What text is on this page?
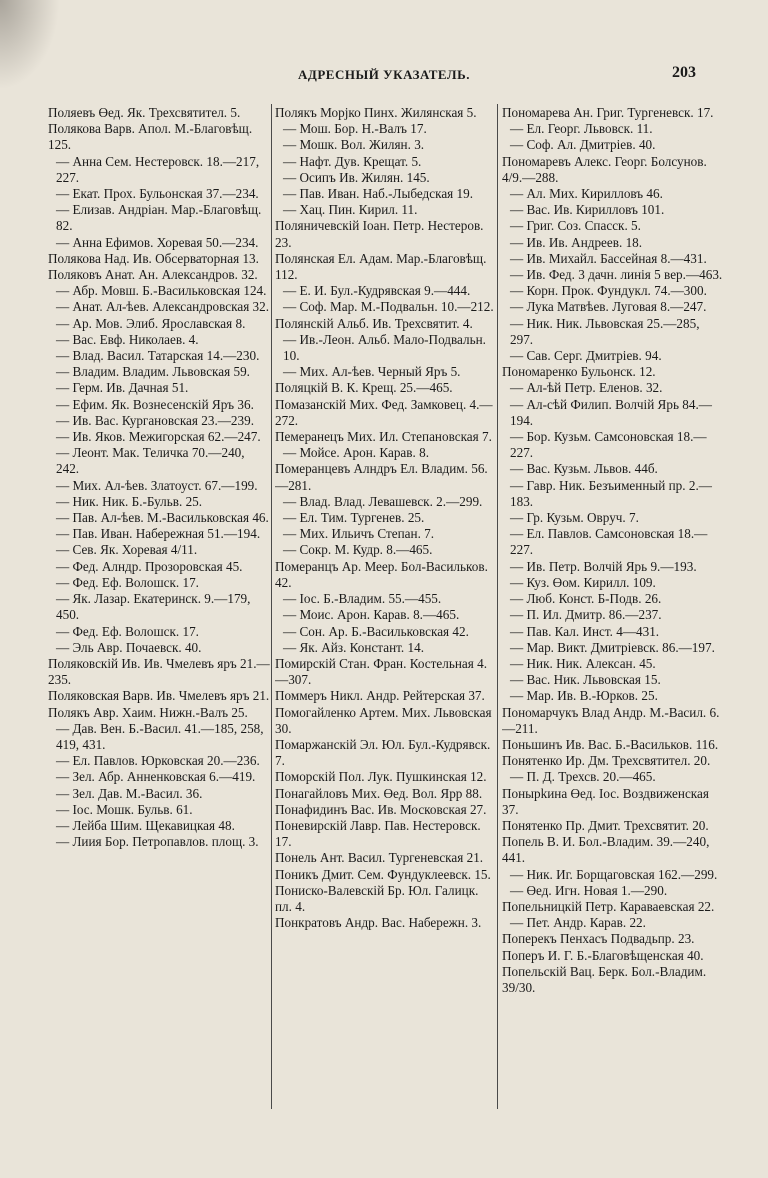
АДРЕСНЫЙ УКАЗАТЕЛЬ.	203

Поляевъ Өед. Як. Трехсвятител. 5.

Полякова Варв. Апол. М.-Благовѣщ. 125.

— Анна Сем. Нестеровск. 18.—217, 227.

— Екат. Прох. Бульонская 37.—234.

— Елизав. Андріан. Мар.-Благовѣщ. 82.

— Анна Ефимов. Хоревая 50.—234.

Полякова Над. Ив. Обсерваторная 13.

Поляковъ Анат. Ан. Александров. 32.

— Абр. Мовш. Б.-Васильковская 124.

— Анат. Ал-ѣев. Александровская 32.

— Ар. Мов. Элиб. Ярославская 8.

— Вас. Евф. Николаев. 4.

— Влад. Васил. Татарская 14.—230.

— Владим. Владим. Львовская 59.

— Герм. Ив. Дачная 51.

— Ефим. Як. Вознесенскій Яръ 36.

— Ив. Вас. Кургановская 23.—239.

— Ив. Яков. Межигорская 62.—247.

— Леонт. Мак. Теличка 70.—240, 242.

— Мих. Ал-ѣев. Златоуст. 67.—199.

— Ник. Ник. Б.-Бульв. 25.

— Пав. Ал-ѣев. М.-Васильковская 46.

— Пав. Иван. Набережная 51.—194.

— Сев. Як. Хоревая 4/11.

— Фед. Алндр. Прозоровская 45.

— Фед. Еф. Волошск. 17.

— Як. Лазар. Екатеринск. 9.—179, 450.

— Фед. Еф. Волошск. 17.

— Эль Авр. Почаевск. 40.

Поляковскій Ив. Ив. Чмелевъ яръ 21.—235.

Поляковская Варв. Ив. Чмелевъ яръ 21.

Полякъ Авр. Хаим. Нижн.-Валъ 25.

— Дав. Вен. Б.-Васил. 41.—185, 258, 419, 431.

— Ел. Павлов. Юрковская 20.—236.

— Зел. Абр. Анненковская 6.—419.

— Зел. Дав. М.-Васил. 36.

— Іос. Мошк. Бульв. 61.

— Лейба Шим. Щекавицкая 48.

— Лиия Бор. Петропавлов. площ. 3.

Полякъ Морjко Пинх. Жилянская 5.

— Мош. Бор. Н.-Валъ 17.

— Мошк. Вол. Жилян. 3.

— Нафт. Дув. Крещат. 5.

— Осипъ Ив. Жилян. 145.

— Пав. Иван. Наб.-Лыбедская 19.

— Хац. Пин. Кирил. 11.

Поляничевскій Іоан. Петр. Нестеров. 23.

Полянская Ел. Адам. Мар.-Благовѣщ. 112.

— Е. И. Бул.-Кудрявская 9.—444.

— Соф. Мар. М.-Подвальн. 10.—212.

Полянскій Альб. Ив. Трехсвятит. 4.

— Ив.-Леон. Альб. Мало-Подвальн. 10.

— Мих. Ал-ѣев. Черный Яръ 5.

Поляцкій В. К. Крещ. 25.—465.

Помазанскій Мих. Фед. Замковец. 4.—272.

Пемеранецъ Мих. Ил. Степановская 7.

— Мойсе. Арон. Карав. 8.

Померанцевъ Алндръ Ел. Владим. 56.—281.

— Влад. Влад. Левашевск. 2.—299.

— Ел. Тим. Тургенев. 25.

— Мих. Ильичъ Степан. 7.

— Сокр. М. Кудр. 8.—465.

Померанцъ Ар. Меер. Бол-Васильков. 42.

— Іос. Б.-Владим. 55.—455.

— Моис. Арон. Карав. 8.—465.

— Сон. Ар. Б.-Васильковская 42.

— Як. Айз. Констант. 14.

Помирскій Стан. Фран. Костельная 4.—307.

Поммеръ Никл. Андр. Рейтерская 37.

Помогайленко Артем. Мих. Львовская 30.

Помаржанскій Эл. Юл. Бул.-Кудрявск. 7.

Поморскій Пол. Лук. Пушкинская 12.

Понагайловъ Мих. Өед. Вол. Ярр 88.

Понафидинъ Вас. Ив. Московская 27.

Поневирскій Лавр. Пав. Нестеровск. 17.

Понель Ант. Васил. Тургеневская 21.

Поникъ Дмит. Сем. Фундуклеевск. 15.

Пониско-Валевскій Бр. Юл. Галицк. пл. 4.

Понкратовъ Андр. Вас. Набережн. 3.

Пономарева Ан. Григ. Тургеневск. 17.

— Ел. Георг. Львовск. 11.

— Соф. Ал. Дмитріев. 40.

Пономаревъ Алекс. Георг. Болсунов. 4/9.—288.

— Ал. Мих. Кирилловъ 46.

— Вас. Ив. Кирилловъ 101.

— Григ. Соз. Спасск. 5.

— Ив. Ив. Андреев. 18.

— Ив. Михайл. Бассейная 8.—431.

— Ив. Фед. 3 дачн. линія 5 вер.—463.

— Корн. Прок. Фундукл. 74.—300.

— Лука Матвѣев. Луговая 8.—247.

— Ник. Ник. Львовская 25.—285, 297.

— Сав. Серг. Дмитріев. 94.

Пономаренко Бульонск. 12.

— Ал-ѣй Петр. Еленов. 32.

— Ал-сѣй Филип. Волчій Ярь 84.—194.

— Бор. Кузьм. Самсоновская 18.—227.

— Вас. Кузьм. Львов. 44б.

— Гавр. Ник. Безъименный пр. 2.—183.

— Гр. Кузьм. Овруч. 7.

— Ел. Павлов. Самсоновская 18.—227.

— Ив. Петр. Волчій Ярь 9.—193.

— Куз. Өом. Кирилл. 109.

— Люб. Конст. Б-Подв. 26.

— П. Ил. Дмитр. 86.—237.

— Пав. Кал. Инст. 4—431.

— Мар. Викт. Дмитріевск. 86.—197.

— Ник. Ник. Алексан. 45.

— Вас. Ник. Львовская 15.

— Мар. Ив. В.-Юрков. 25.

Пономарчукъ Влад Андр. М.-Васил. 6.—211.

Поньшинъ Ив. Вас. Б.-Васильков. 116.

Понятенко Ир. Дм. Трехсвятител. 20.

— П. Д. Трехсв. 20.—465.

Понырkина Өед. Іос. Воздвиженская 37.

Понятенко Пр. Дмит. Трехсвятит. 20.

Попель В. И. Бол.-Владим. 39.—240, 441.

— Ник. Иг. Борщаговская 162.—299.

— Өед. Игн. Новая 1.—290.

Попельницкій Петр. Караваевская 22.

— Пет. Андр. Карав. 22.

Поперекъ Пенхасъ Подвадьпр. 23.

Поперъ И. Г. Б.-Благовѣщенская 40.

Попельскій Вац. Берк. Бол.-Владим. 39/30.
